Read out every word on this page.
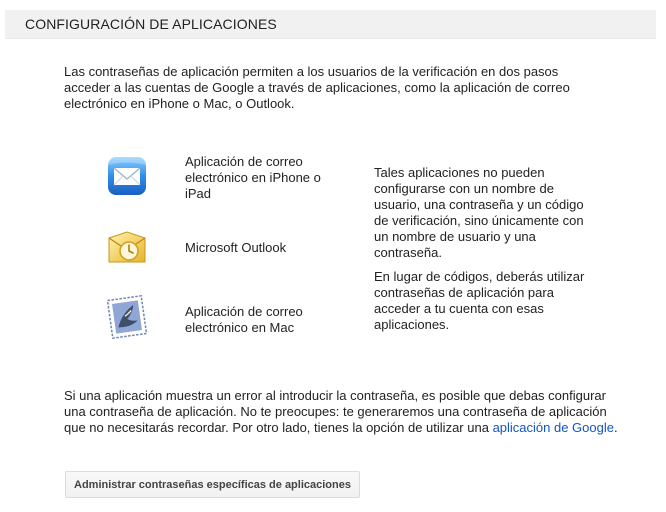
CONFIGURACIÓN DE APLICACIONES

Las contraseñas de aplicación permiten a los usuarios de la verificación en dos pasos acceder a las cuentas de Google a través de aplicaciones, como la aplicación de correo electrónico en iPhone o Mac, o Outlook.

Aplicación de correo electrónico en iPhone o iPad
Microsoft Outlook
Aplicación de correo electrónico en Mac

Tales aplicaciones no pueden configurarse con un nombre de usuario, una contraseña y un código de verificación, sino únicamente con un nombre de usuario y una contraseña.

En lugar de códigos, deberás utilizar contraseñas de aplicación para acceder a tu cuenta con esas aplicaciones.

Si una aplicación muestra un error al introducir la contraseña, es posible que debas configurar una contraseña de aplicación. No te preocupes: te generaremos una contraseña de aplicación que no necesitarás recordar. Por otro lado, tienes la opción de utilizar una aplicación de Google.

Administrar contraseñas específicas de aplicaciones
